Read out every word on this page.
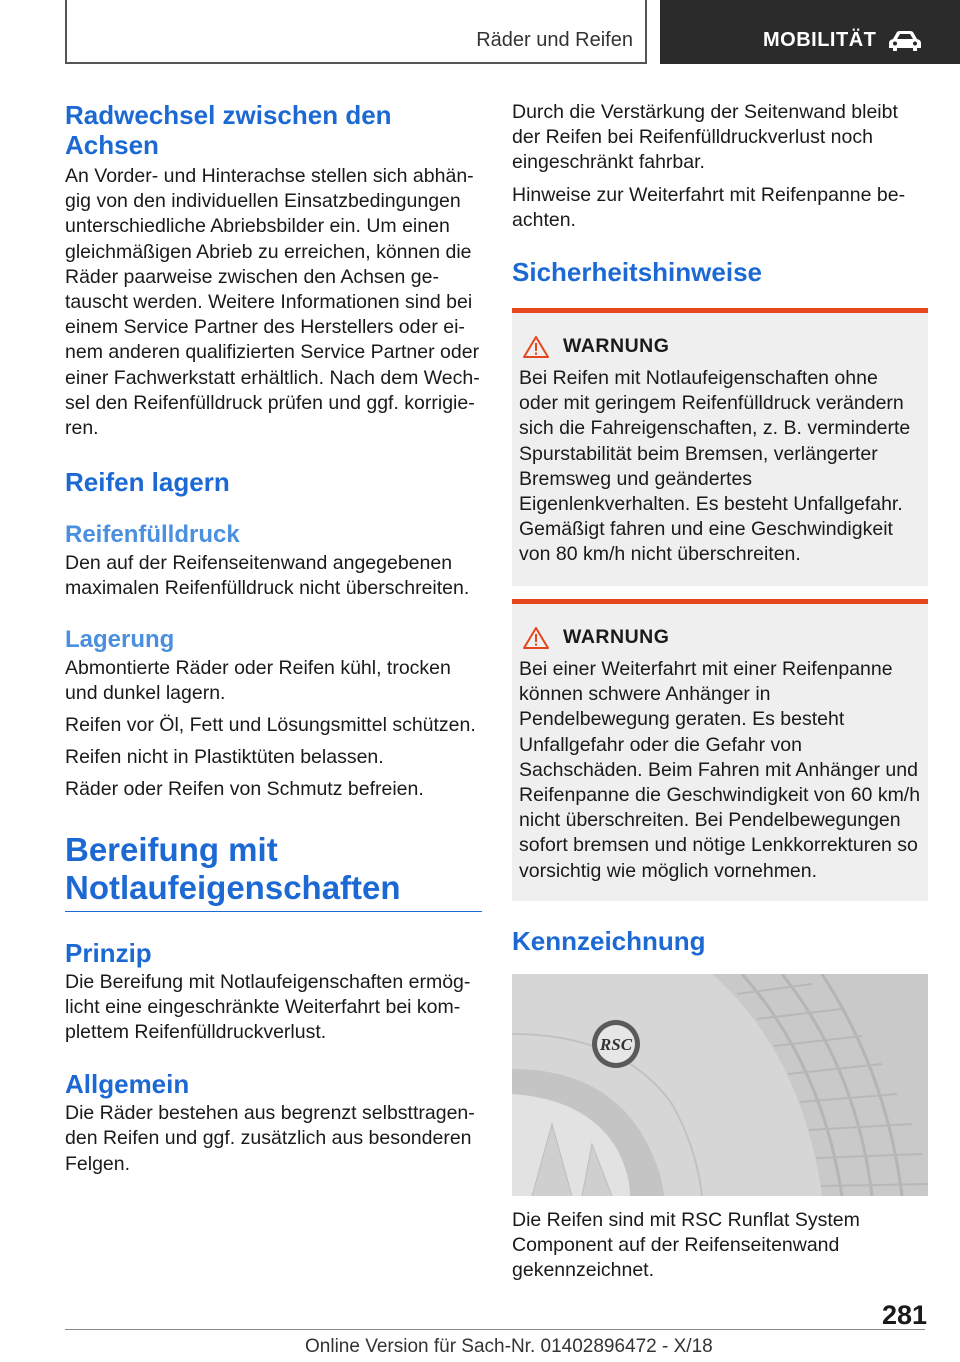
Räder und Reifen	MOBILITÄT
Radwechsel zwischen den Achsen

An Vorder- und Hinterachse stellen sich abhängig von den individuellen Einsatzbedingungen unterschiedliche Abriebsbilder ein. Um einen gleichmäßigen Abrieb zu erreichen, können die Räder paarweise zwischen den Achsen getauscht werden. Weitere Informationen sind bei einem Service Partner des Herstellers oder einem anderen qualifizierten Service Partner oder einer Fachwerkstatt erhältlich. Nach dem Wechsel den Reifenfülldruck prüfen und ggf. korrigieren.

Reifen lagern
Reifenfülldruck

Den auf der Reifenseitenwand angegebenen maximalen Reifenfülldruck nicht überschreiten.

Lagerung

Abmontierte Räder oder Reifen kühl, trocken und dunkel lagern.

Reifen vor Öl, Fett und Lösungsmittel schützen.

Reifen nicht in Plastiktüten belassen.

Räder oder Reifen von Schmutz befreien.

Bereifung mit Notlaufeigenschaften
Prinzip

Die Bereifung mit Notlaufeigenschaften ermöglicht eine eingeschränkte Weiterfahrt bei komplettem Reifenfülldruckverlust.

Allgemein

Die Räder bestehen aus begrenzt selbsttragenden Reifen und ggf. zusätzlich aus besonderen Felgen.

Durch die Verstärkung der Seitenwand bleibt der Reifen bei Reifenfülldruckverlust noch eingeschränkt fahrbar.

Hinweise zur Weiterfahrt mit Reifenpanne beachten.

Sicherheitshinweise
WARNUNG

Bei Reifen mit Notlaufeigenschaften ohne oder mit geringem Reifenfülldruck verändern sich die Fahreigenschaften, z. B. verminderte Spurstabilität beim Bremsen, verlängerter Bremsweg und geändertes Eigenlenkverhalten. Es besteht Unfallgefahr. Gemäßigt fahren und eine Geschwindigkeit von 80 km/h nicht überschreiten.

WARNUNG

Bei einer Weiterfahrt mit einer Reifenpanne können schwere Anhänger in Pendelbewegung geraten. Es besteht Unfallgefahr oder die Gefahr von Sachschäden. Beim Fahren mit Anhänger und Reifenpanne die Geschwindigkeit von 60 km/h nicht überschreiten. Bei Pendelbewegungen sofort bremsen und nötige Lenkkorrekturen so vorsichtig wie möglich vornehmen.

Kennzeichnung
RSC

Die Reifen sind mit RSC Runflat System Component auf der Reifenseitenwand gekennzeichnet.

281
Online Version für Sach-Nr. 01402896472 - X/18
